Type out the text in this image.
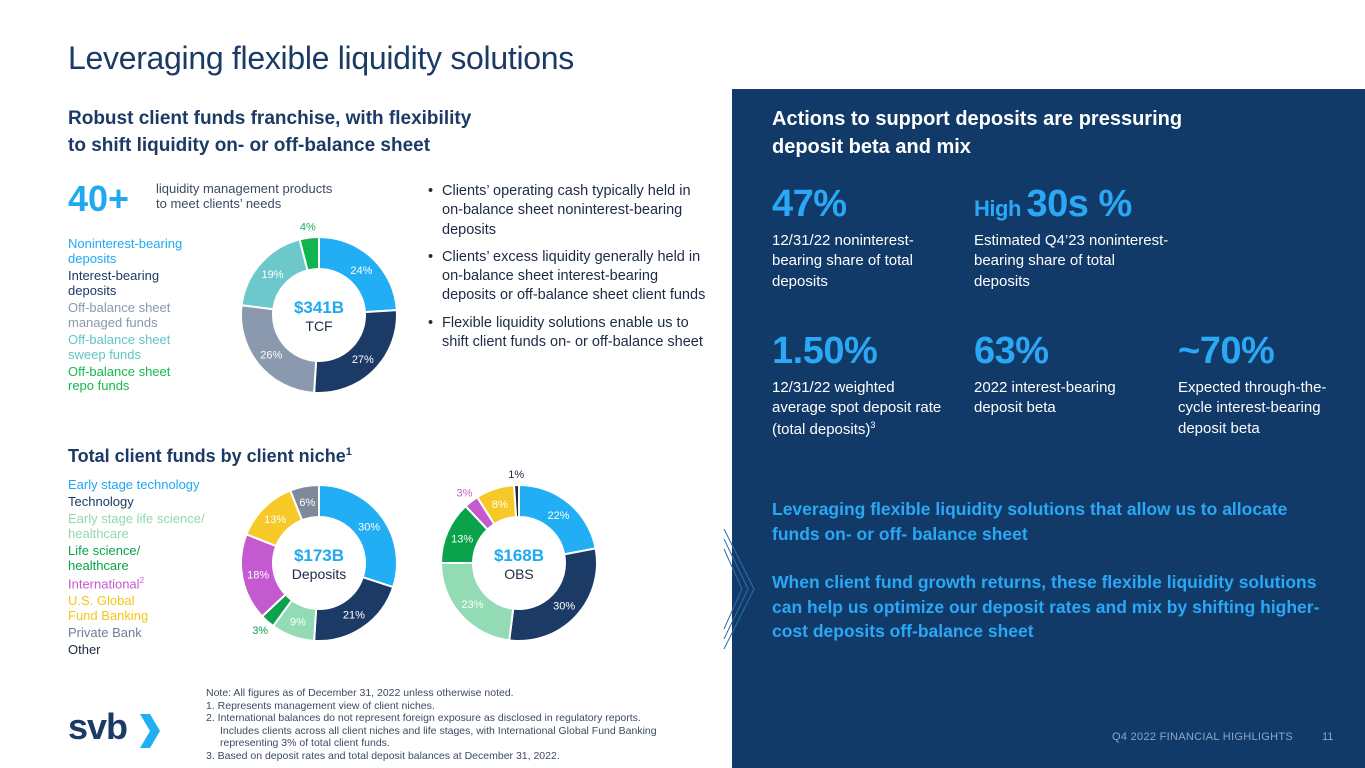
Leveraging flexible liquidity solutions
Robust client funds franchise, with flexibility
to shift liquidity on- or off-balance sheet
40+ liquidity management products
to meet clients’ needs
Noninterest-bearing
deposits
Interest-bearing
deposits
Off-balance sheet
managed funds
Off-balance sheet
sweep funds
Off-balance sheet
repo funds
24%
27%
26%
19%
4%
$341B
TCF
• Clients’ operating cash typically held in on-balance sheet noninterest-bearing deposits
• Clients’ excess liquidity generally held in on-balance sheet interest-bearing deposits or off-balance sheet client funds
• Flexible liquidity solutions enable us to shift client funds on- or off-balance sheet
Total client funds by client niche$^1$
Early stage technology
Technology
Early stage life science/
healthcare
Life science/
healthcare
International$^2$
U.S. Global
Fund Banking
Private Bank
Other
30%
21%
9%
3%
18%
13%
6%
$173B
Deposits
22%
30%
23%
13%
3%
8%
1%
$168B
OBS
Note: All figures as of December 31, 2022 unless otherwise noted.
1. Represents management view of client niches.
2. International balances do not represent foreign exposure as disclosed in regulatory reports. Includes clients across all client niches and life stages, with International Global Fund Banking representing 3% of total client funds.
3. Based on deposit rates and total deposit balances at December 31, 2022.
svb
Actions to support deposits are pressuring deposit beta and mix
47%
12/31/22 noninterest-bearing share of total deposits
High 30s %
Estimated Q4’23 noninterest-bearing share of total deposits
1.50%
12/31/22 weighted average spot deposit rate (total deposits)$^3$
63%
2022 interest-bearing deposit beta
~70%
Expected through-the-cycle interest-bearing deposit beta
Leveraging flexible liquidity solutions that allow us to allocate funds on- or off- balance sheet
When client fund growth returns, these flexible liquidity solutions can help us optimize our deposit rates and mix by shifting higher-cost deposits off-balance sheet
Q4 2022 FINANCIAL HIGHLIGHTS	11
